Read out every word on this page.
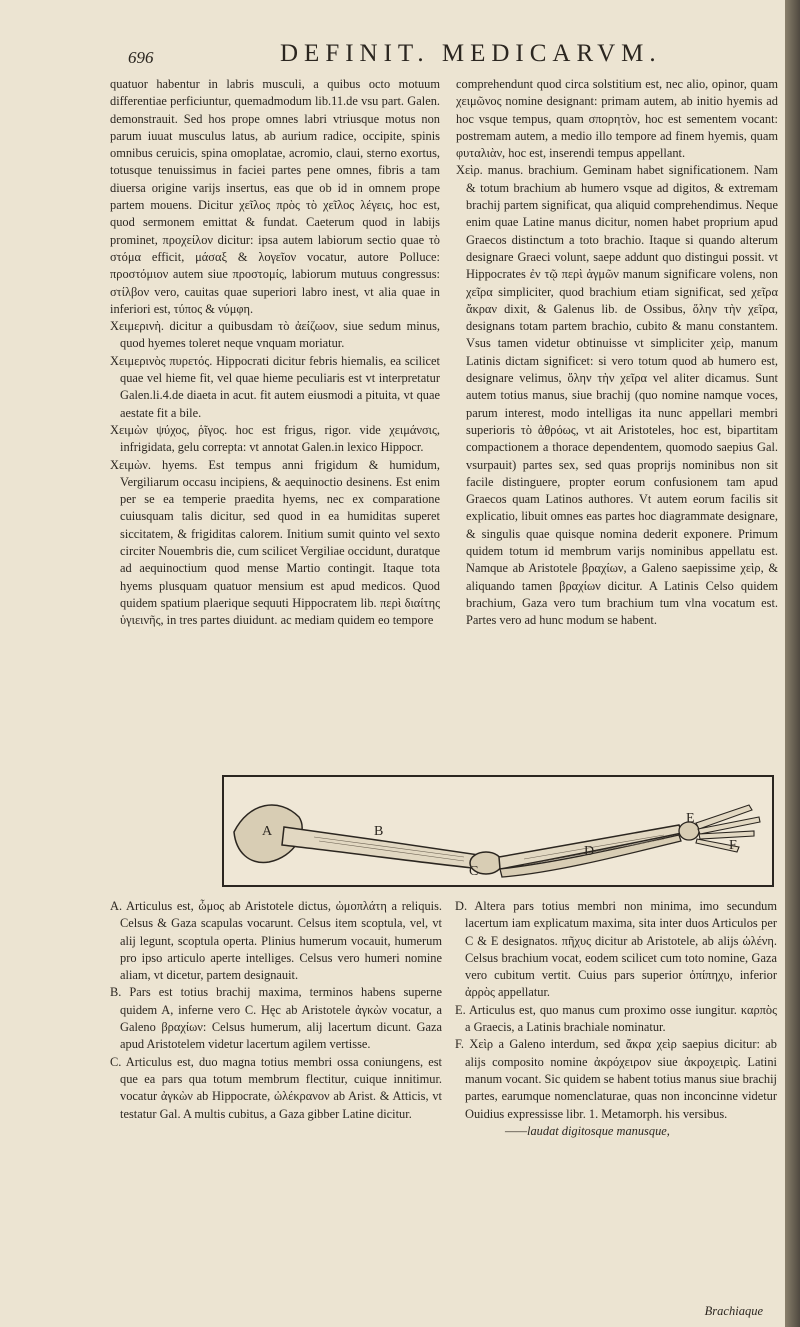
696	DEFINIT. MEDICARVM.

quatuor habentur in labris musculi, a quibus octo motuum differentiae perficiuntur, quemadmodum lib.11.de vsu part. Galen. demonstrauit. Sed hos prope omnes labri vtriusque motus non parum iuuat musculus latus, ab aurium radice, occipite, spinis omnibus ceruicis, spina omoplatae, acromio, claui, sterno exortus, totusque tenuissimus in faciei partes pene omnes, fibris a tam diuersa origine varijs insertus, eas que ob id in omnem prope partem mouens. Dicitur χεῖλος πρὸς τὸ χεῖλος λέγεις, hoc est, quod sermonem emittat & fundat. Caeterum quod in labijs prominet, προχείλον dicitur: ipsa autem labiorum sectio quae τὸ στόμα efficit, μάσαξ & λογεῖον vocatur, autore Polluce: προστόμιον autem siue προστομίς, labiorum mutuus congressus: στίλβον vero, cauitas quae superiori labro inest, vt alia quae in inferiori est, τύπος & νύμφη.

Χειμερινὴ. dicitur a quibusdam τὸ ἀείζωον, siue sedum minus, quod hyemes toleret neque vnquam moriatur.

Χειμερινὸς πυρετός. Hippocrati dicitur febris hiemalis, ea scilicet quae vel hieme fit, vel quae hieme peculiaris est vt interpretatur Galen.li.4.de diaeta in acut. fit autem eiusmodi a pituita, vt quae aestate fit a bile.

Χειμὼν ψύχος, ῥῖγος. hoc est frigus, rigor. vide χειμάνσις, infrigidata, gelu correpta: vt annotat Galen.in lexico Hippocr.

Χειμὼν. hyems. Est tempus anni frigidum & humidum, Vergiliarum occasu incipiens, & aequinoctio desinens. Est enim per se ea temperie praedita hyems, nec ex comparatione cuiusquam talis dicitur, sed quod in ea humiditas superet siccitatem, & frigiditas calorem. Initium sumit quinto vel sexto circiter Nouembris die, cum scilicet Vergiliae occidunt, duratque ad aequinoctium quod mense Martio contingit. Itaque tota hyems plusquam quatuor mensium est apud medicos. Quod quidem spatium plaerique sequuti Hippocratem lib. περὶ διαίτης ὑγιεινῆς, in tres partes diuidunt. ac mediam quidem eo tempore

comprehendunt quod circa solstitium est, nec alio, opinor, quam χειμῶνος nomine designant: primam autem, ab initio hyemis ad hoc vsque tempus, quam σπορητὸν, hoc est sementem vocant: postremam autem, a medio illo tempore ad finem hyemis, quam φυταλιὰν, hoc est, inserendi tempus appellant.

Χεὶρ. manus. brachium. Geminam habet significationem. Nam & totum brachium ab humero vsque ad digitos, & extremam brachij partem significat, qua aliquid comprehendimus. Neque enim quae Latine manus dicitur, nomen habet proprium apud Graecos distinctum a toto brachio. Itaque si quando alterum designare Graeci volunt, saepe addunt quo distingui possit. vt Hippocrates ἐν τῷ περὶ ἀγμῶν manum significare volens, non χεῖρα simpliciter, quod brachium etiam significat, sed χεῖρα ἄκραν dixit, & Galenus lib. de Ossibus, ὅλην τὴν χεῖρα, designans totam partem brachio, cubito & manu constantem. Vsus tamen videtur obtinuisse vt simpliciter χεὶρ, manum Latinis dictam significet: si vero totum quod ab humero est, designare velimus, ὅλην τὴν χεῖρα vel aliter dicamus. Sunt autem totius manus, siue brachij (quo nomine namque voces, parum interest, modo intelligas ita nunc appellari membri superioris τὸ ἀθρόως, vt ait Aristoteles, hoc est, bipartitam compactionem a thorace dependentem, quomodo saepius Gal. vsurpauit) partes sex, sed quas proprijs nominibus non sit facile distinguere, propter eorum confusionem tam apud Graecos quam Latinos authores. Vt autem eorum facilis sit explicatio, libuit omnes eas partes hoc diagrammate designare, & singulis quae quisque nomina dederit exponere. Primum quidem totum id membrum varijs nominibus appellatu est. Namque ab Aristotele βραχίων, a Galeno saepissime χεὶρ, & aliquando tamen βραχίων dicitur. A Latinis Celso quidem brachium, Gaza vero tum brachium tum vlna vocatum est. Partes vero ad hunc modum se habent.

A	B
C
D
E
F

A. Articulus est, ὦμος ab Aristotele dictus, ὠμοπλάτη a reliquis. Celsus & Gaza scapulas vocarunt. Celsus item scoptula, vel, vt alij legunt, scoptula operta. Plinius humerum vocauit, humerum pro ipso articulo aperte intelliges. Celsus vero humeri nomine aliam, vt dicetur, partem designauit.

B. Pars est totius brachij maxima, terminos habens superne quidem A, inferne vero C. Hęc ab Aristotele ἀγκὼν vocatur, a Galeno βραχίων: Celsus humerum, alij lacertum dicunt. Gaza apud Aristotelem videtur lacertum agilem vertisse.

C. Articulus est, duo magna totius membri ossa coniungens, est que ea pars qua totum membrum flectitur, cuique innitimur. vocatur ἀγκὼν ab Hippocrate, ὠλέκρανον ab Arist. & Atticis, vt testatur Gal. A multis cubitus, a Gaza gibber Latine dicitur.

D. Altera pars totius membri non minima, imo secundum lacertum iam explicatum maxima, sita inter duos Articulos per C & E designatos. πῆχυς dicitur ab Aristotele, ab alijs ὠλένη. Celsus brachium vocat, eodem scilicet cum toto nomine, Gaza vero cubitum vertit. Cuius pars superior ὀπίπηχυ, inferior ἀρρὸς appellatur.

E. Articulus est, quo manus cum proximo osse iungitur. καρπὸς a Graecis, a Latinis brachiale nominatur.

F. Χεὶρ a Galeno interdum, sed ἄκρα χεὶρ saepius dicitur: ab alijs composito nomine ἀκρόχειρον siue ἀκροχειρὶς. Latini manum vocant. Sic quidem se habent totius manus siue brachij partes, earumque nomenclaturae, quas non inconcinne videtur Ouidius expressisse libr. 1. Metamorph. his versibus.

——laudat digitosque manusque,

Brachiaque
